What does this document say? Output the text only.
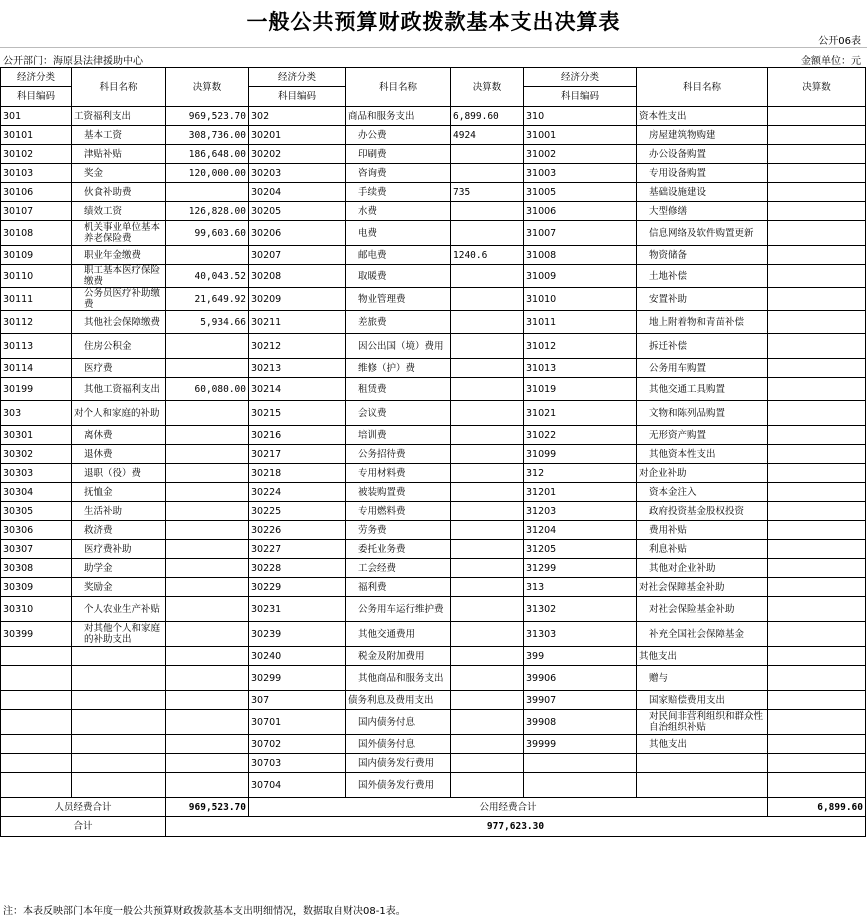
一般公共预算财政拨款基本支出决算表
公开06表
公开部门：海原县法律援助中心	金额单位：元
经济分类	科目名称	决算数	经济分类	科目名称	决算数	经济分类	科目名称	决算数
科目编码			科目编码			科目编码		
301	工资福利支出	969,523.70	302	商品和服务支出	6,899.60	310	资本性支出	
30101	基本工资	308,736.00	30201	办公费	4924	31001	房屋建筑物购建	
30102	津贴补贴	186,648.00	30202	印刷费		31002	办公设备购置	
30103	奖金	120,000.00	30203	咨询费		31003	专用设备购置	
30106	伙食补助费		30204	手续费	735	31005	基础设施建设	
30107	绩效工资	126,828.00	30205	水费		31006	大型修缮	
30108	机关事业单位基本养老保险费	99,603.60	30206	电费		31007	信息网络及软件购置更新	
30109	职业年金缴费		30207	邮电费	1240.6	31008	物资储备	
30110	职工基本医疗保险缴费	40,043.52	30208	取暖费		31009	土地补偿	
30111	公务员医疗补助缴费	21,649.92	30209	物业管理费		31010	安置补助	
30112	其他社会保障缴费	5,934.66	30211	差旅费		31011	地上附着物和青苗补偿	
30113	住房公积金		30212	因公出国（境）费用		31012	拆迁补偿	
30114	医疗费		30213	维修（护）费		31013	公务用车购置	
30199	其他工资福利支出	60,080.00	30214	租赁费		31019	其他交通工具购置	
303	对个人和家庭的补助		30215	会议费		31021	文物和陈列品购置	
30301	离休费		30216	培训费		31022	无形资产购置	
30302	退休费		30217	公务招待费		31099	其他资本性支出	
30303	退职（役）费		30218	专用材料费		312	对企业补助	
30304	抚恤金		30224	被装购置费		31201	资本金注入	
30305	生活补助		30225	专用燃料费		31203	政府投资基金股权投资	
30306	救济费		30226	劳务费		31204	费用补贴	
30307	医疗费补助		30227	委托业务费		31205	利息补贴	
30308	助学金		30228	工会经费		31299	其他对企业补助	
30309	奖励金		30229	福利费		313	对社会保障基金补助	
30310	个人农业生产补贴		30231	公务用车运行维护费		31302	对社会保险基金补助	
30399	对其他个人和家庭的补助支出		30239	其他交通费用		31303	补充全国社会保障基金	
			30240	税金及附加费用		399	其他支出	
			30299	其他商品和服务支出		39906	赠与	
			307	债务利息及费用支出		39907	国家赔偿费用支出	
			30701	国内债务付息		39908	对民间非营利组织和群众性自治组织补贴	
			30702	国外债务付息		39999	其他支出	
			30703	国内债务发行费用				
			30704	国外债务发行费用				
人员经费合计		969,523.70	公用经费合计					6,899.60
合计		977,623.30						
注：本表反映部门本年度一般公共预算财政拨款基本支出明细情况，数据取自财决08-1表。
